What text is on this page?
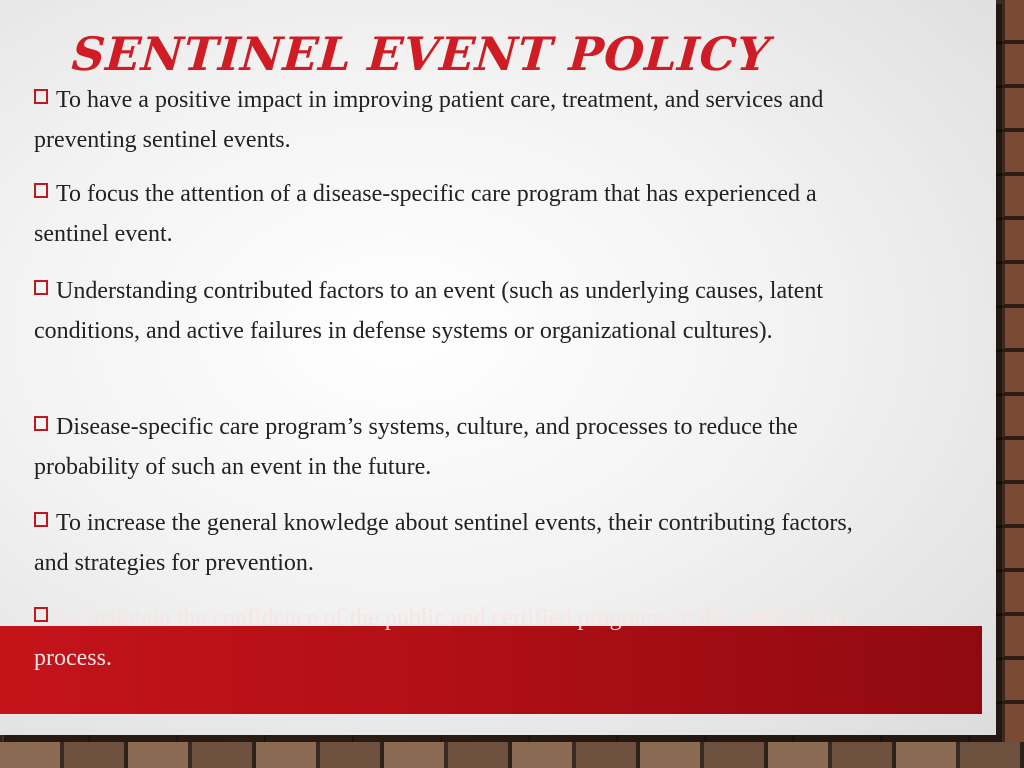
SENTINEL EVENT POLICY
To have a positive impact in improving patient care, treatment, and services and preventing sentinel events.
To focus the attention of a disease-specific care program that has experienced a sentinel event.
Understanding contributed factors to an event (such as underlying causes, latent conditions, and active failures in defense systems or organizational cultures).
Disease-specific care program’s systems, culture, and processes to reduce the probability of such an event in the future.
To increase the general knowledge about sentinel events, their contributing factors, and strategies for prevention.
To maintain the confidence of the public and certified programs in the certification process.
